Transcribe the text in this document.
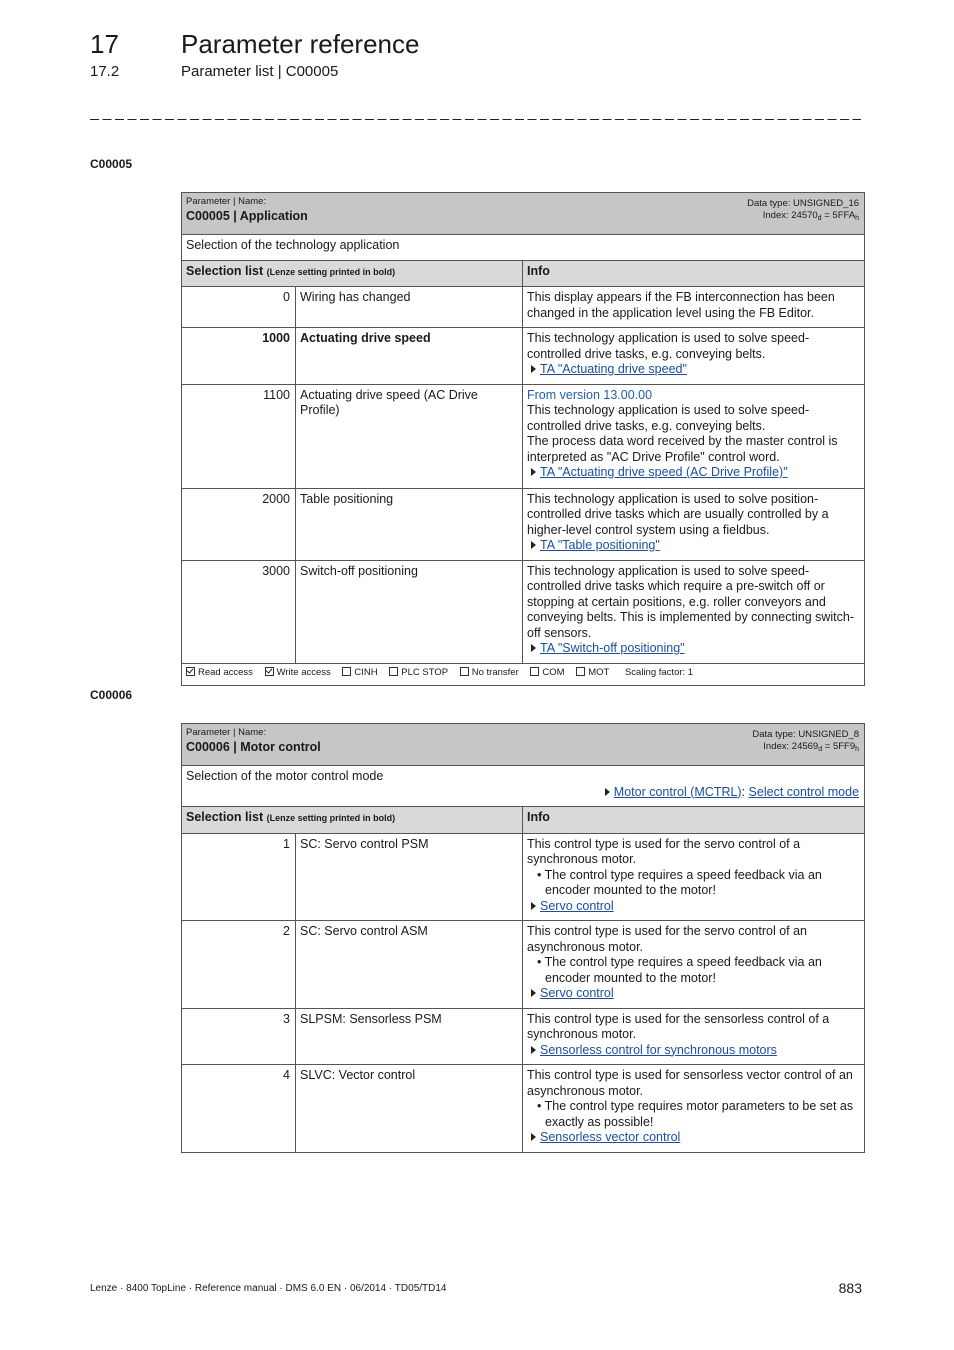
17 Parameter reference
17.2	Parameter list | C00005
C00005
Parameter | Name:
C00005 | Application
Data type: UNSIGNED_16
Index: $24570_d = 5FFA_h$

Selection of the technology application		
Selection list (Lenze setting printed in bold)		Info
0	Wiring has changed	This display appears if the FB interconnection has been changed in the application level using the FB Editor.

1000	Actuating drive speed	This technology application is used to solve speed-controlled drive tasks, e.g. conveying belts.
TA "Actuating drive speed"

1100	Actuating drive speed (AC Drive Profile)	From version 13.00.00
This technology application is used to solve speed-controlled drive tasks, e.g. conveying belts.
The process data word received by the master control is interpreted as "AC Drive Profile" control word.
TA "Actuating drive speed (AC Drive Profile)"

2000	Table positioning	This technology application is used to solve position-controlled drive tasks which are usually controlled by a higher-level control system using a fieldbus.
TA "Table positioning"

3000	Switch-off positioning	This technology application is used to solve speed-controlled drive tasks which require a pre-switch off or stopping at certain positions, e.g. roller conveyors and conveying belts. This is implemented by connecting switch-off sensors.
TA "Switch-off positioning"

Read access Write access CINH PLC STOP No transfer COM MOT Scaling factor: 1		
C00006
Parameter | Name:
C00006 | Motor control
Data type: UNSIGNED_8
Index: $24569_d = 5FF9_h$

Selection of the motor control mode
Motor control (MCTRL): Select control mode		

Selection list (Lenze setting printed in bold)		Info
1	SC: Servo control PSM	This control type is used for the servo control of a synchronous motor.
• The control type requires a speed feedback via an encoder mounted to the motor!
Servo control

2	SC: Servo control ASM	This control type is used for the servo control of an asynchronous motor.
• The control type requires a speed feedback via an encoder mounted to the motor!
Servo control

3	SLPSM: Sensorless PSM	This control type is used for the sensorless control of a synchronous motor.
Sensorless control for synchronous motors

4	SLVC: Vector control	This control type is used for sensorless vector control of an asynchronous motor.
• The control type requires motor parameters to be set as exactly as possible!
Sensorless vector control
Lenze · 8400 TopLine · Reference manual · DMS 6.0 EN · 06/2014 · TD05/TD14	883
